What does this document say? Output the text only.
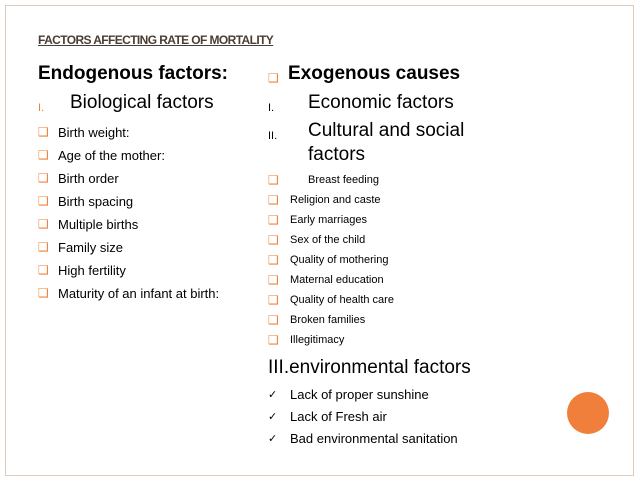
FACTORS AFFECTING RATE OF MORTALITY
Endogenous factors:
I. Biological factors
❑ Birth weight:
❑ Age of the mother:
❑ Birth order
❑ Birth spacing
❑ Multiple births
❑ Family size
❑ High fertility
❑ Maturity of an infant at birth:
❑ Exogenous causes
I. Economic factors
II. Cultural and social
factors
❑	Breast feeding
❑ Religion and caste
❑ Early marriages
❑ Sex of the child
❑ Quality of mothering
❑ Maternal education
❑ Quality of health care
❑ Broken families
❑ Illegitimacy
III.environmental factors
✓ Lack of proper sunshine
✓ Lack of Fresh air
✓ Bad environmental sanitation
